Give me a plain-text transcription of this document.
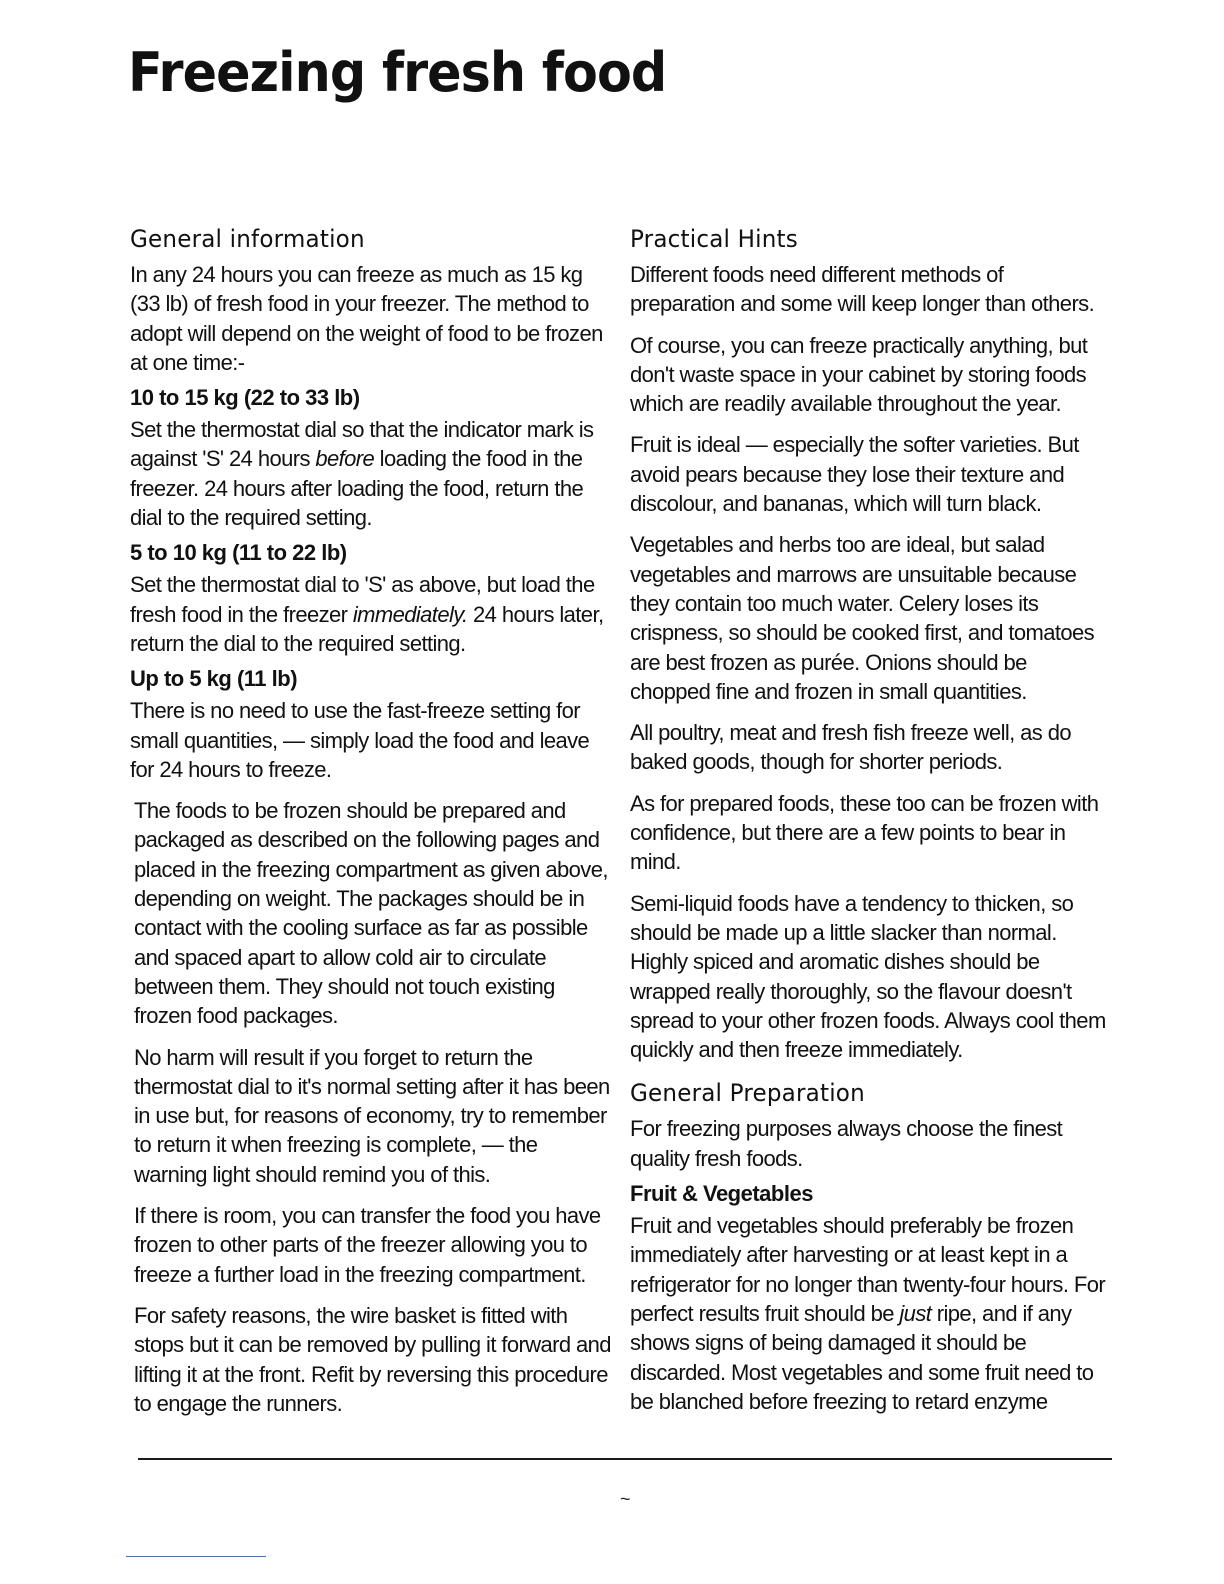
Freezing fresh food
General information

In any 24 hours you can freeze as much as 15 kg (33 lb) of fresh food in your freezer. The method to adopt will depend on the weight of food to be frozen at one time:-

10 to 15 kg (22 to 33 lb)

Set the thermostat dial so that the indicator mark is against 'S' 24 hours before loading the food in the freezer. 24 hours after loading the food, return the dial to the required setting.

5 to 10 kg (11 to 22 lb)

Set the thermostat dial to 'S' as above, but load the fresh food in the freezer immediately. 24 hours later, return the dial to the required setting.

Up to 5 kg (11 lb)

There is no need to use the fast-freeze setting for small quantities, — simply load the food and leave for 24 hours to freeze.

The foods to be frozen should be prepared and packaged as described on the following pages and placed in the freezing compartment as given above, depending on weight. The packages should be in contact with the cooling surface as far as possible and spaced apart to allow cold air to circulate between them. They should not touch existing frozen food packages.

No harm will result if you forget to return the thermostat dial to it's normal setting after it has been in use but, for reasons of economy, try to remember to return it when freezing is complete, — the warning light should remind you of this.

If there is room, you can transfer the food you have frozen to other parts of the freezer allowing you to freeze a further load in the freezing compartment.

For safety reasons, the wire basket is fitted with stops but it can be removed by pulling it forward and lifting it at the front. Refit by reversing this procedure to engage the runners.

Practical Hints

Different foods need different methods of preparation and some will keep longer than others.

Of course, you can freeze practically anything, but don't waste space in your cabinet by storing foods which are readily available throughout the year.

Fruit is ideal — especially the softer varieties. But avoid pears because they lose their texture and discolour, and bananas, which will turn black.

Vegetables and herbs too are ideal, but salad vegetables and marrows are unsuitable because they contain too much water. Celery loses its crispness, so should be cooked first, and tomatoes are best frozen as purée. Onions should be chopped fine and frozen in small quantities.

All poultry, meat and fresh fish freeze well, as do baked goods, though for shorter periods.

As for prepared foods, these too can be frozen with confidence, but there are a few points to bear in mind.

Semi-liquid foods have a tendency to thicken, so should be made up a little slacker than normal. Highly spiced and aromatic dishes should be wrapped really thoroughly, so the flavour doesn't spread to your other frozen foods. Always cool them quickly and then freeze immediately.

General Preparation

For freezing purposes always choose the finest quality fresh foods.

Fruit & Vegetables

Fruit and vegetables should preferably be frozen immediately after harvesting or at least kept in a refrigerator for no longer than twenty-four hours. For perfect results fruit should be just ripe, and if any shows signs of being damaged it should be discarded. Most vegetables and some fruit need to be blanched before freezing to retard enzyme

~
